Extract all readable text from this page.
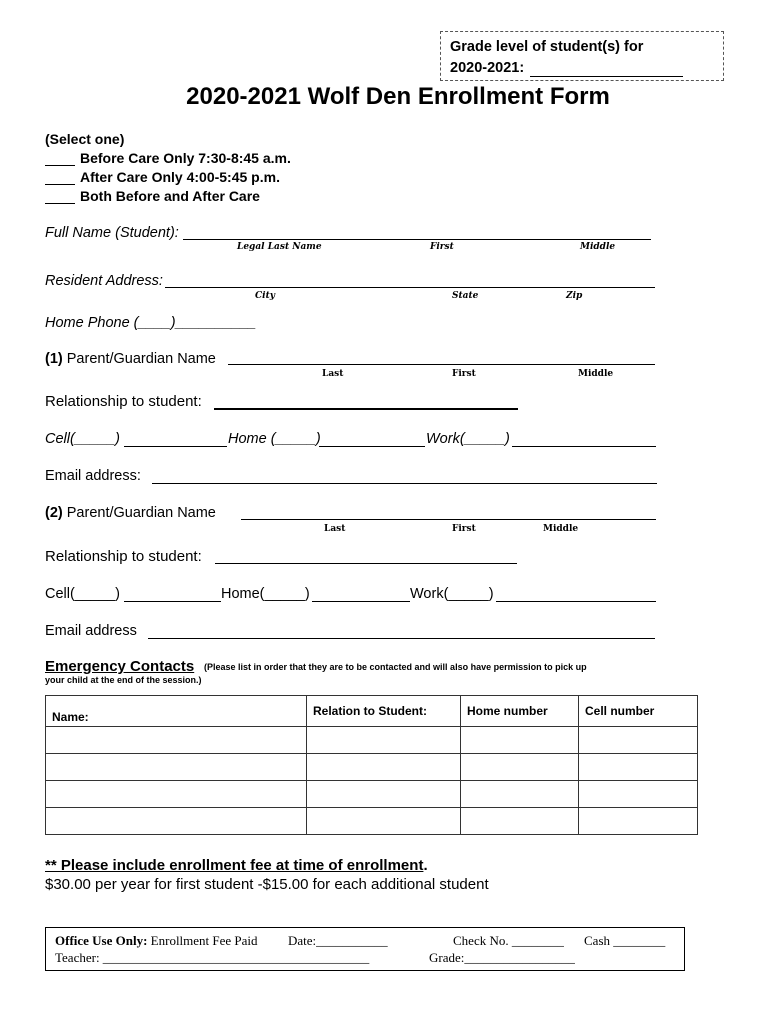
Grade level of student(s) for
2020-2021:
2020-2021 Wolf Den Enrollment Form
(Select one)
Before Care Only 7:30-8:45 a.m.
After Care Only 4:00-5:45 p.m.
Both Before and After Care
Full Name (Student):
Legal Last Name	First	Middle
Resident Address:
City	State	Zip
Home Phone (____)__________
(1) Parent/Guardian Name
Last	First	Middle
Relationship to student:
Cell(_____)	Home (_____)	Work(_____)
Email address:
(2) Parent/Guardian Name
Last	First	Middle
Relationship to student:
Cell(_____)	Home(_____)	Work(_____)
Email address
Emergency Contacts (Please list in order that they are to be contacted and will also have permission to pick up
your child at the end of the session.)
Name:	Relation to Student:	Home number	Cell number

** Please include enrollment fee at time of enrollment.
$30.00 per year for first student -$15.00 for each additional student
Office Use Only: Enrollment Fee Paid Date:___________	Check No. ________ Cash ________
Teacher: _________________________________________	Grade:_________________
